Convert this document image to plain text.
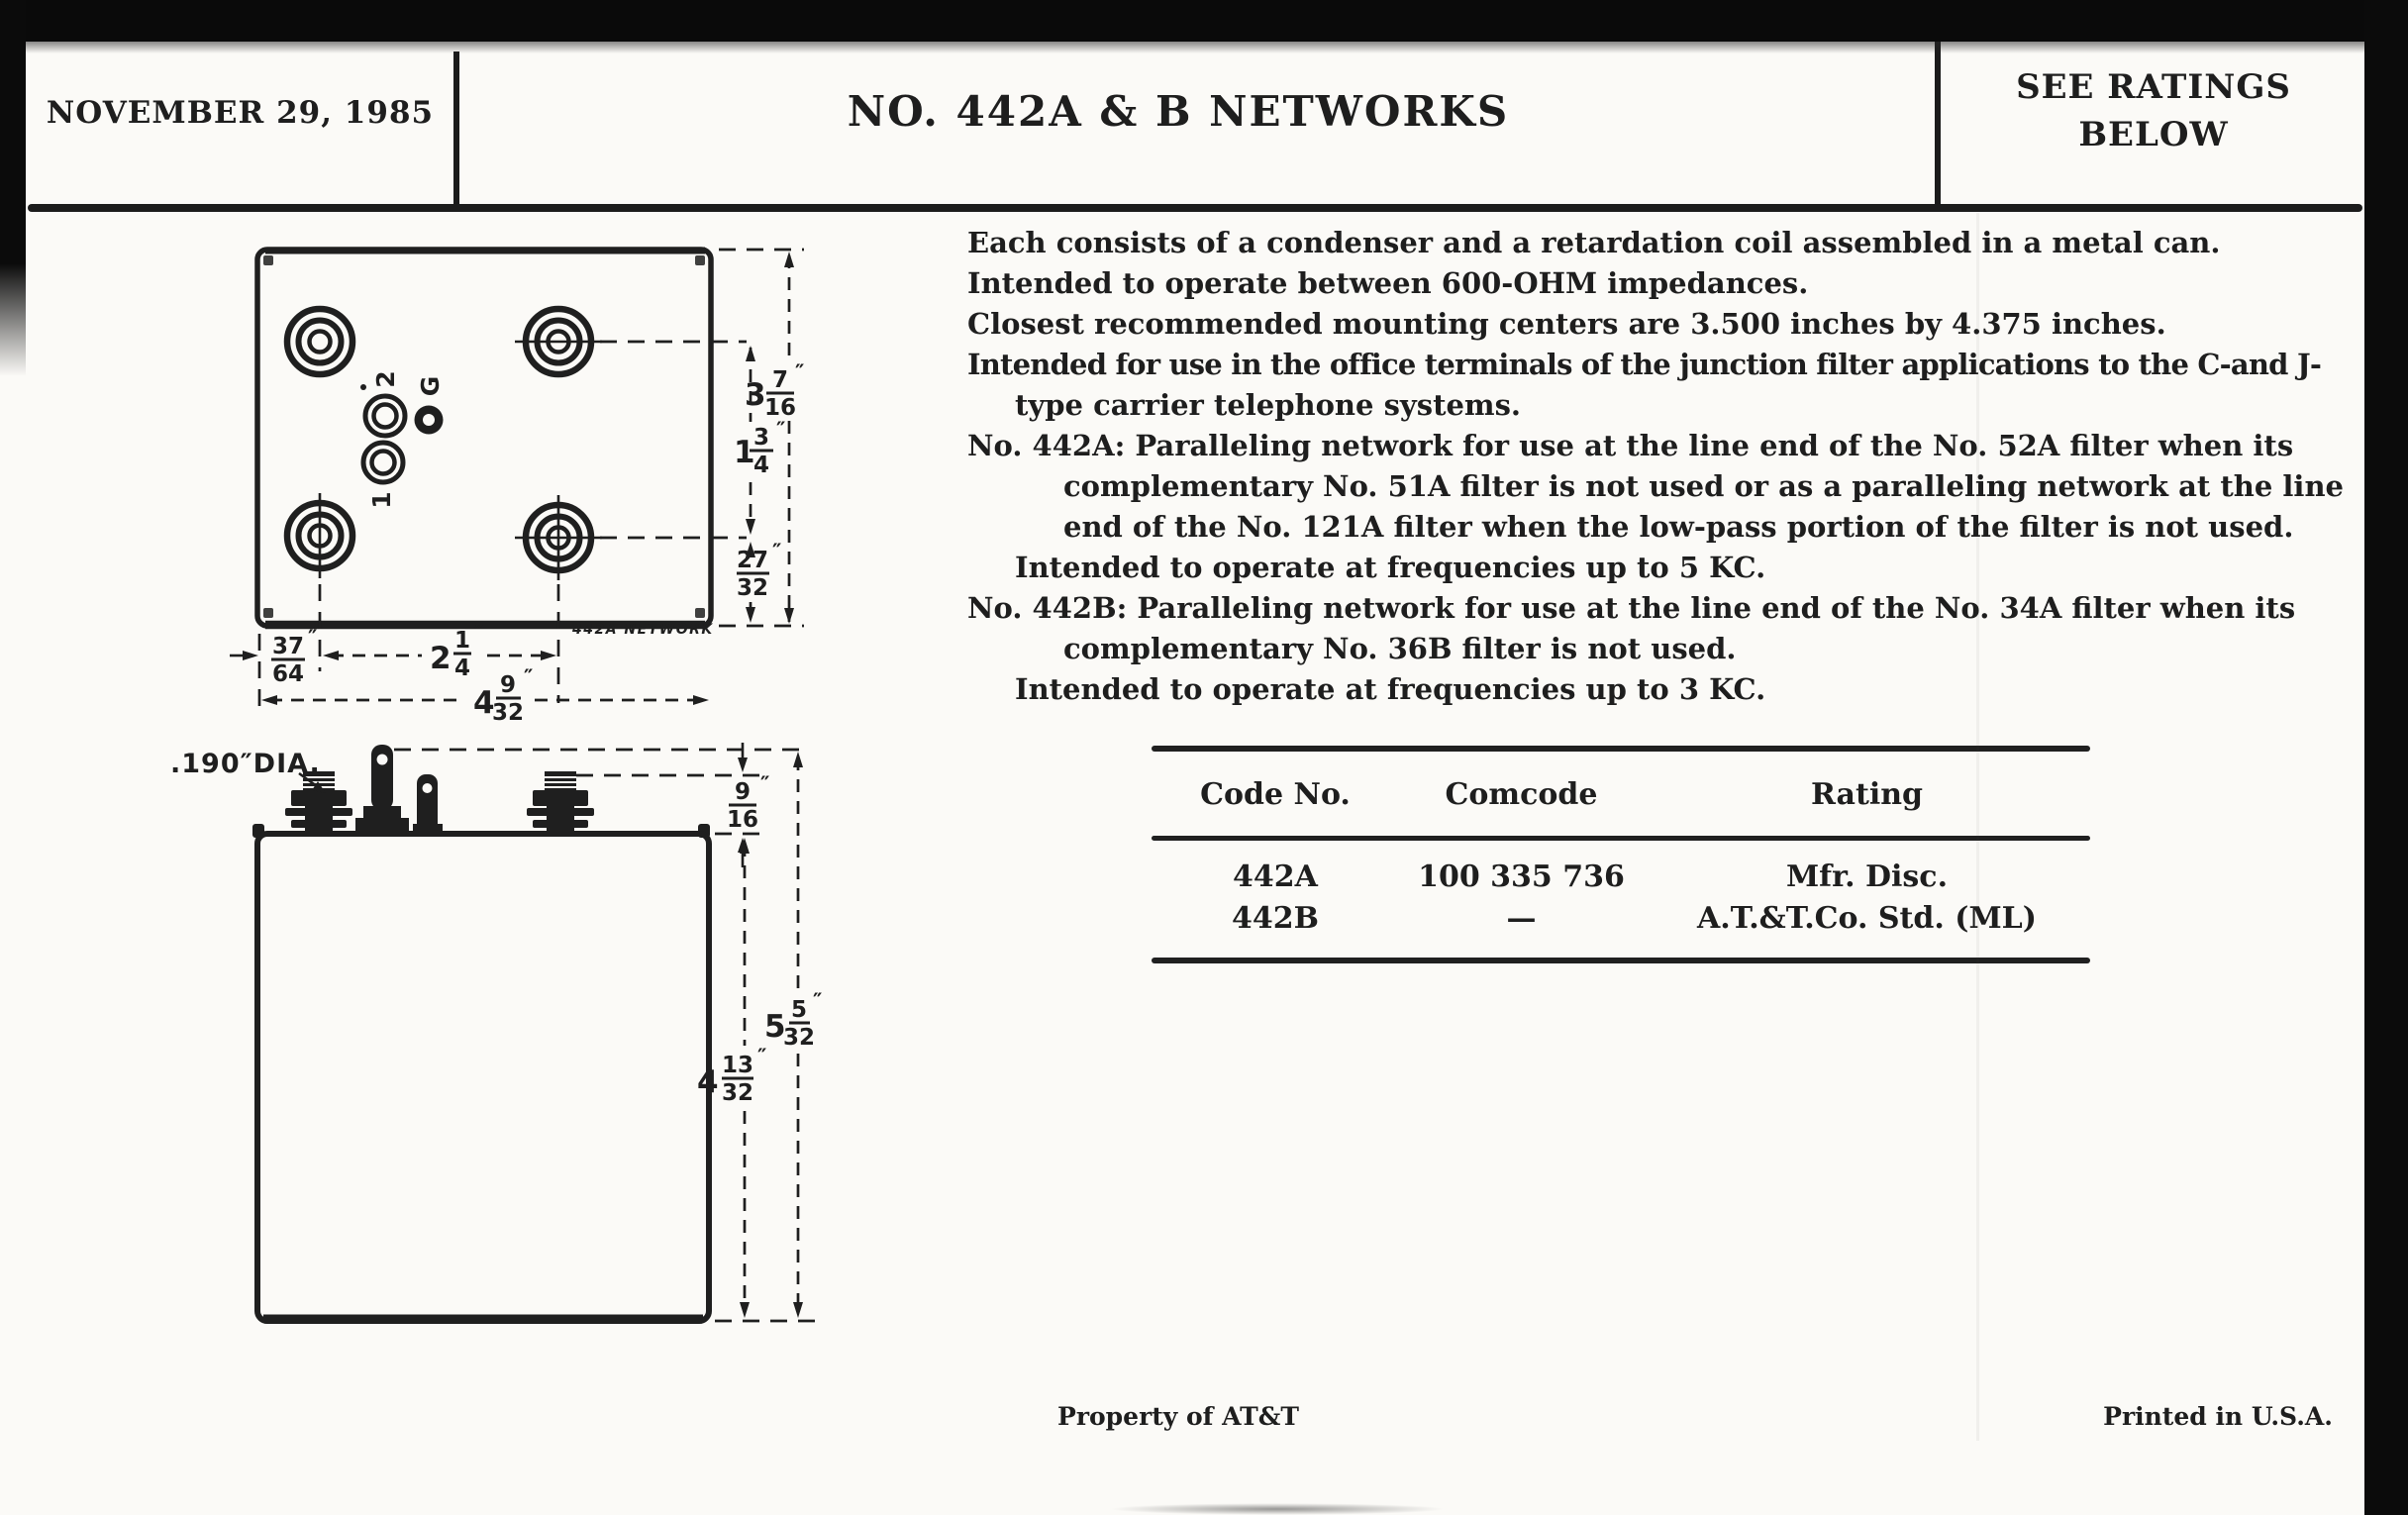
NOVEMBER 29, 1985	NO. 442A & B NETWORKS	SEE RATINGS
BELOW
Each consists of a condenser and a retardation coil assembled in a metal can.
Intended to operate between 600-OHM impedances.
Closest recommended mounting centers are 3.500 inches by 4.375 inches.
Intended for use in the office terminals of the junction filter applications to the C-and J-
type carrier telephone systems.
No. 442A: Paralleling network for use at the line end of the No. 52A filter when its
complementary No. 51A filter is not used or as a paralleling network at the line
end of the No. 121A filter when the low-pass portion of the filter is not used.
Intended to operate at frequencies up to 5 KC.
No. 442B: Paralleling network for use at the line end of the No. 34A filter when its
complementary No. 36B filter is not used.
Intended to operate at frequencies up to 3 KC.
Code No.	Comcode	Rating
442A	100 335 736	Mfr. Disc.
442B	—	A.T.&T.Co. Std. (ML)
2 G
1
3 7
16
″
1
3
4
″
27
32
″
37
64
″
2 1
4
″
4 9
32
″
442A NETWORK
.190″DIA.
9
16
″
5 5
32
″
4 13
32
″
Property of AT&T	Printed in U.S.A.
